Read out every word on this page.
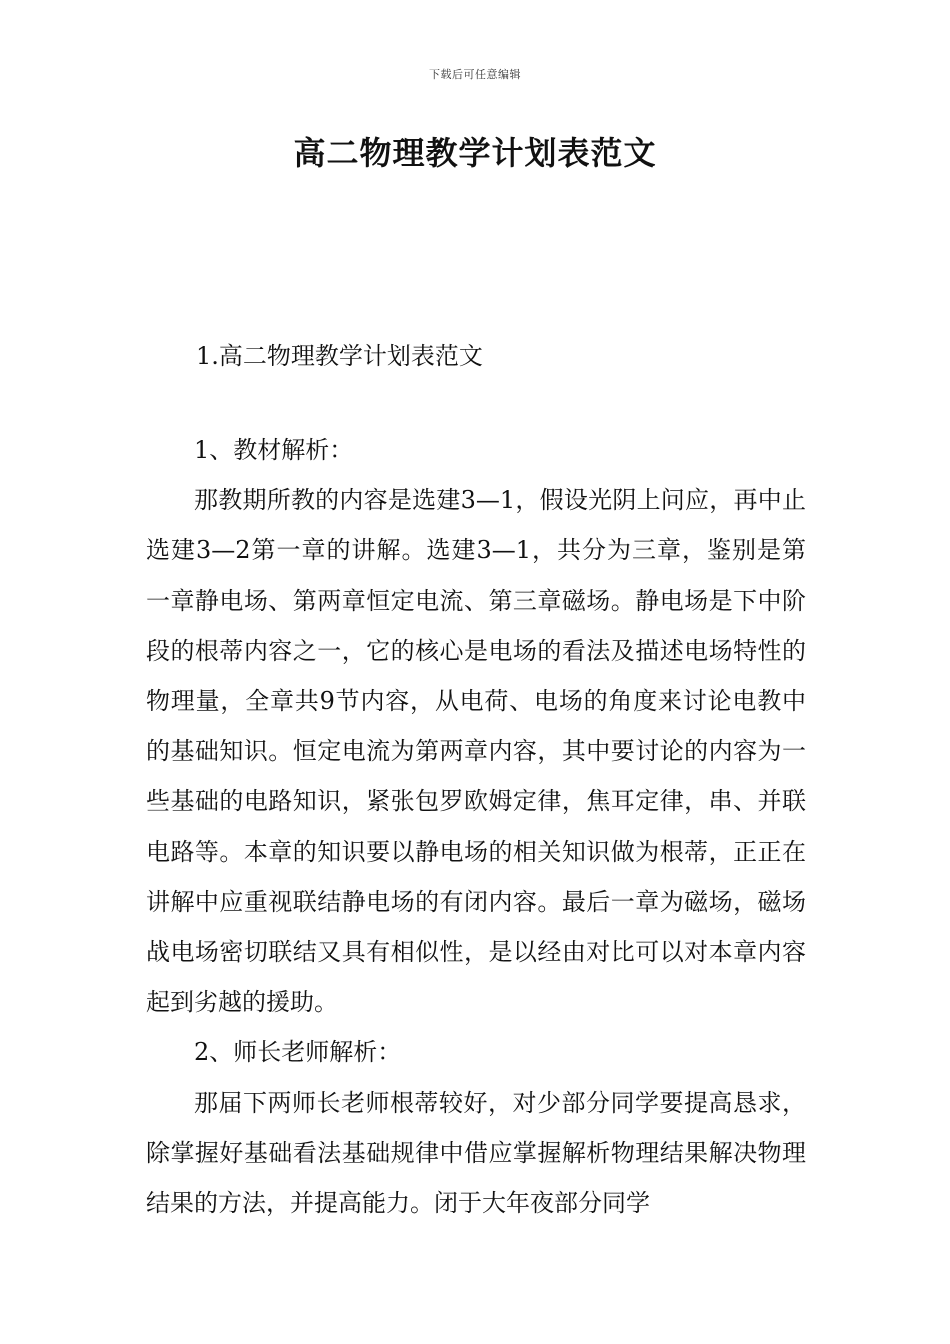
下载后可任意编辑
高二物理教学计划表范文
1.高二物理教学计划表范文

1、教材解析：

那教期所教的内容是选建3—1，假设光阴上问应，再中止选建3—2第一章的讲解。选建3—1，共分为三章，鉴别是第一章静电场、第两章恒定电流、第三章磁场。静电场是下中阶段的根蒂内容之一，它的核心是电场的看法及描述电场特性的物理量，全章共9节内容，从电荷、电场的角度来讨论电教中的基础知识。恒定电流为第两章内容，其中要讨论的内容为一些基础的电路知识，紧张包罗欧姆定律，焦耳定律，串、并联电路等。本章的知识要以静电场的相关知识做为根蒂，正正在讲解中应重视联结静电场的有闭内容。最后一章为磁场，磁场战电场密切联结又具有相似性，是以经由对比可以对本章内容起到劣越的援助。

2、师长老师解析：

那届下两师长老师根蒂较好，对少部分同学要提高恳求，除掌握好基础看法基础规律中借应掌握解析物理结果解决物理结果的方法，并提高能力。闭于大年夜部分同学
